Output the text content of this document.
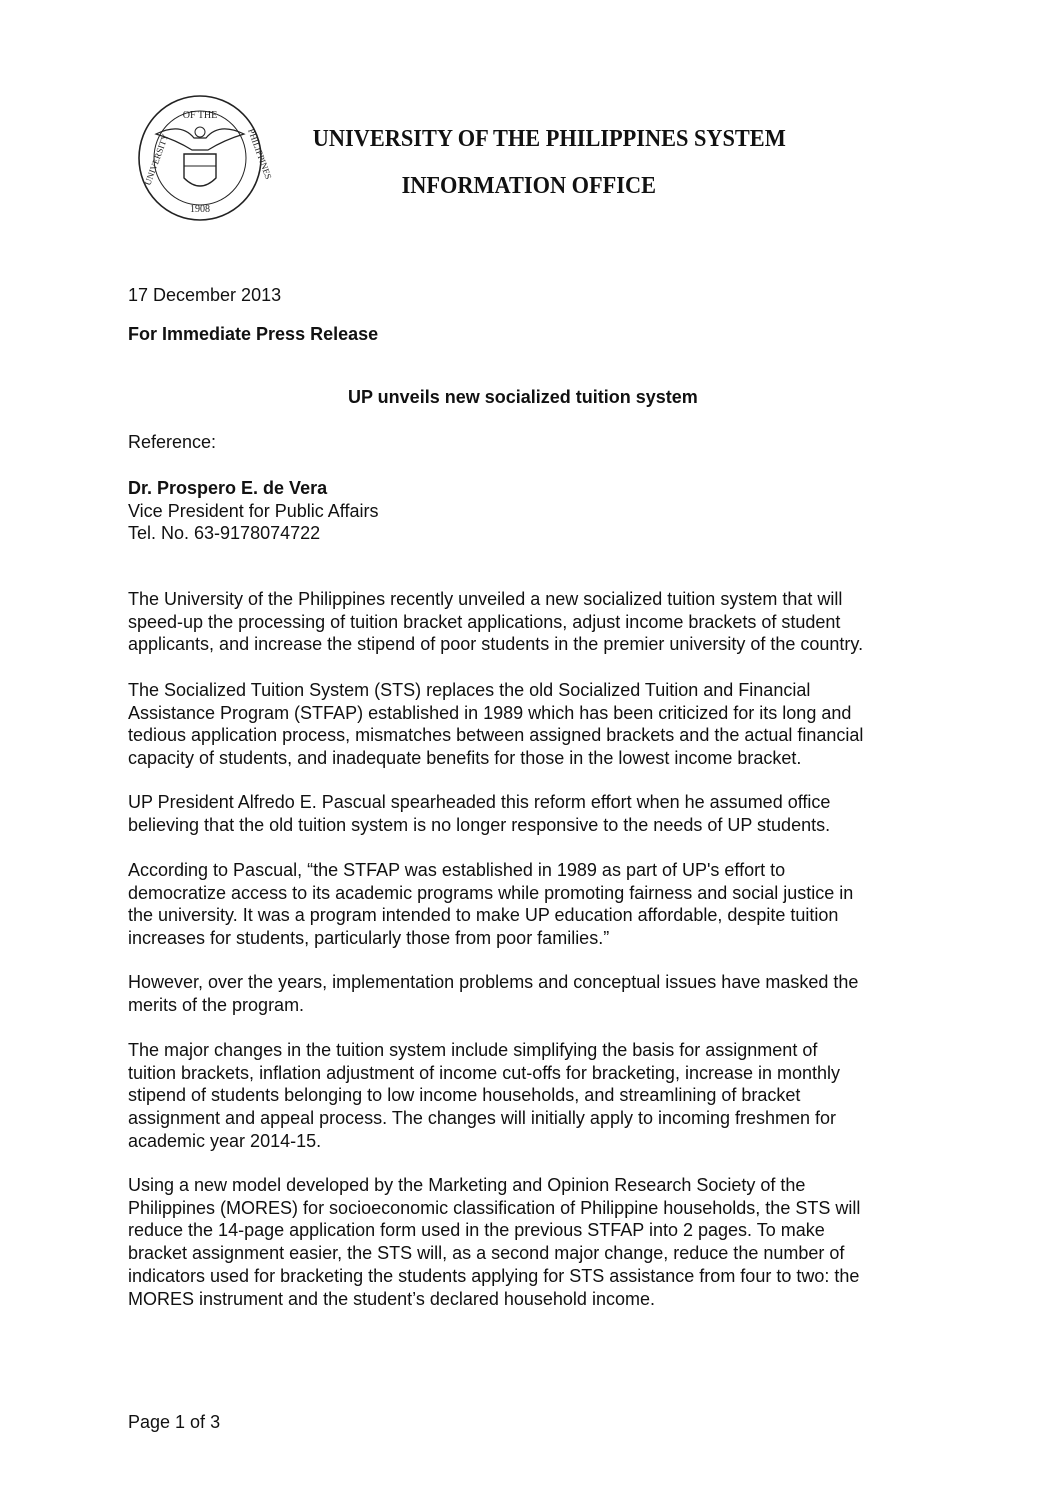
OF THE
1908
UNIVERSITY	PHILIPPINES UNIVERSITY OF THE PHILIPPINES SYSTEM
INFORMATION OFFICE
17 December 2013
For Immediate Press Release
UP unveils new socialized tuition system
Reference:
Dr. Prospero E. de Vera
Vice President for Public Affairs
Tel. No. 63-9178074722
The University of the Philippines recently unveiled a new socialized tuition system that will
speed-up the processing of tuition bracket applications, adjust income brackets of student
applicants, and increase the stipend of poor students in the premier university of the country.
The Socialized Tuition System (STS) replaces the old Socialized Tuition and Financial
Assistance Program (STFAP) established in 1989 which has been criticized for its long and
tedious application process, mismatches between assigned brackets and the actual financial
capacity of students, and inadequate benefits for those in the lowest income bracket.
UP President Alfredo E. Pascual spearheaded this reform effort when he assumed office
believing that the old tuition system is no longer responsive to the needs of UP students.
According to Pascual, “the STFAP was established in 1989 as part of UP's effort to
democratize access to its academic programs while promoting fairness and social justice in
the university. It was a program intended to make UP education affordable, despite tuition
increases for students, particularly those from poor families.”
However, over the years, implementation problems and conceptual issues have masked the
merits of the program.
The major changes in the tuition system include simplifying the basis for assignment of
tuition brackets, inflation adjustment of income cut-offs for bracketing, increase in monthly
stipend of students belonging to low income households, and streamlining of bracket
assignment and appeal process. The changes will initially apply to incoming freshmen for
academic year 2014-15.
Using a new model developed by the Marketing and Opinion Research Society of the
Philippines (MORES) for socioeconomic classification of Philippine households, the STS will
reduce the 14-page application form used in the previous STFAP into 2 pages. To make
bracket assignment easier, the STS will, as a second major change, reduce the number of
indicators used for bracketing the students applying for STS assistance from four to two: the
MORES instrument and the student’s declared household income.
Page 1 of 3
